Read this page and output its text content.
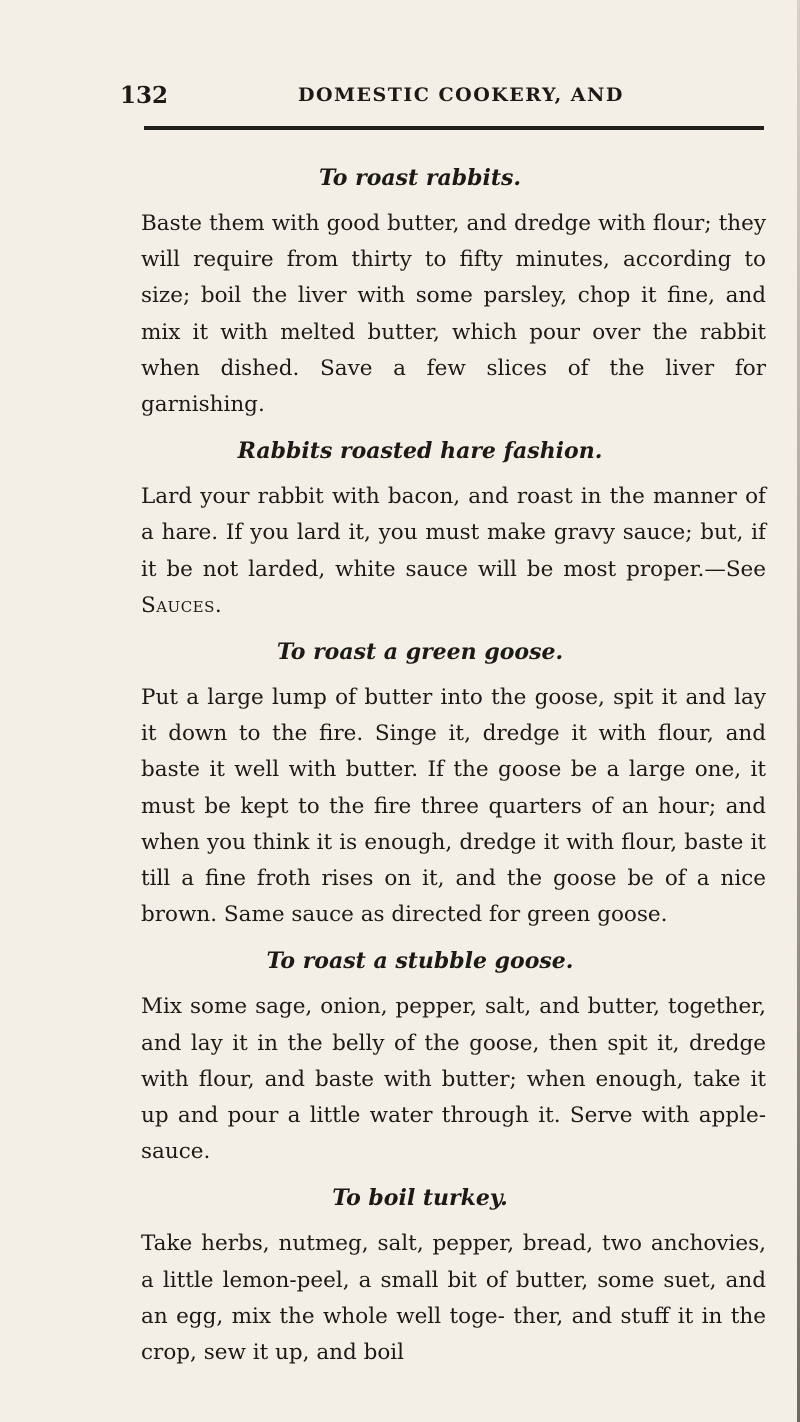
132	DOMESTIC COOKERY, AND
To roast rabbits.
Baste them with good butter, and dredge with flour; they will require from thirty to fifty minutes, according to size; boil the liver with some parsley, chop it fine, and mix it with melted butter, which pour over the rabbit when dished. Save a few slices of the liver for garnishing.
Rabbits roasted hare fashion.
Lard your rabbit with bacon, and roast in the manner of a hare. If you lard it, you must make gravy sauce; but, if it be not larded, white sauce will be most proper.—See Sauces.
To roast a green goose.
Put a large lump of butter into the goose, spit it and lay it down to the fire. Singe it, dredge it with flour, and baste it well with butter. If the goose be a large one, it must be kept to the fire three quarters of an hour; and when you think it is enough, dredge it with flour, baste it till a fine froth rises on it, and the goose be of a nice brown. Same sauce as directed for green goose.
To roast a stubble goose.
Mix some sage, onion, pepper, salt, and butter, together, and lay it in the belly of the goose, then spit it, dredge with flour, and baste with butter; when enough, take it up and pour a little water through it. Serve with apple-sauce.
To boil turkey.
Take herbs, nutmeg, salt, pepper, bread, two anchovies, a little lemon-peel, a small bit of butter, some suet, and an egg, mix the whole well toge- ther, and stuff it in the crop, sew it up, and boil
